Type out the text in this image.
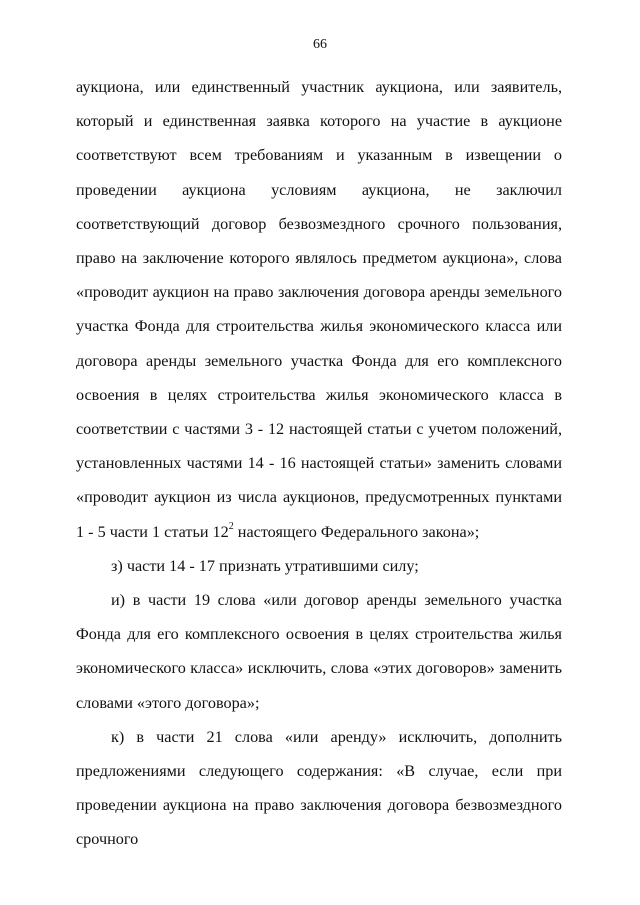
66

аукциона, или единственный участник аукциона, или заявитель, который и единственная заявка которого на участие в аукционе соответствуют всем требованиям и указанным в извещении о проведении аукциона условиям аукциона, не заключил соответствующий договор безвозмездного срочного пользования, право на заключение которого являлось предметом аукциона», слова «проводит аукцион на право заключения договора аренды земельного участка Фонда для строительства жилья экономического класса или договора аренды земельного участка Фонда для его комплексного освоения в целях строительства жилья экономического класса в соответствии с частями 3 - 12 настоящей статьи с учетом положений, установленных частями 14 - 16 настоящей статьи» заменить словами «проводит аукцион из числа аукционов, предусмотренных пунктами 1 - 5 части 1 статьи $12^2$ настоящего Федерального закона»;

з) части 14 - 17 признать утратившими силу;

и) в части 19 слова «или договор аренды земельного участка Фонда для его комплексного освоения в целях строительства жилья экономического класса» исключить, слова «этих договоров» заменить словами «этого договора»;

к) в части 21 слова «или аренду» исключить, дополнить предложениями следующего содержания: «В случае, если при проведении аукциона на право заключения договора безвозмездного срочного
